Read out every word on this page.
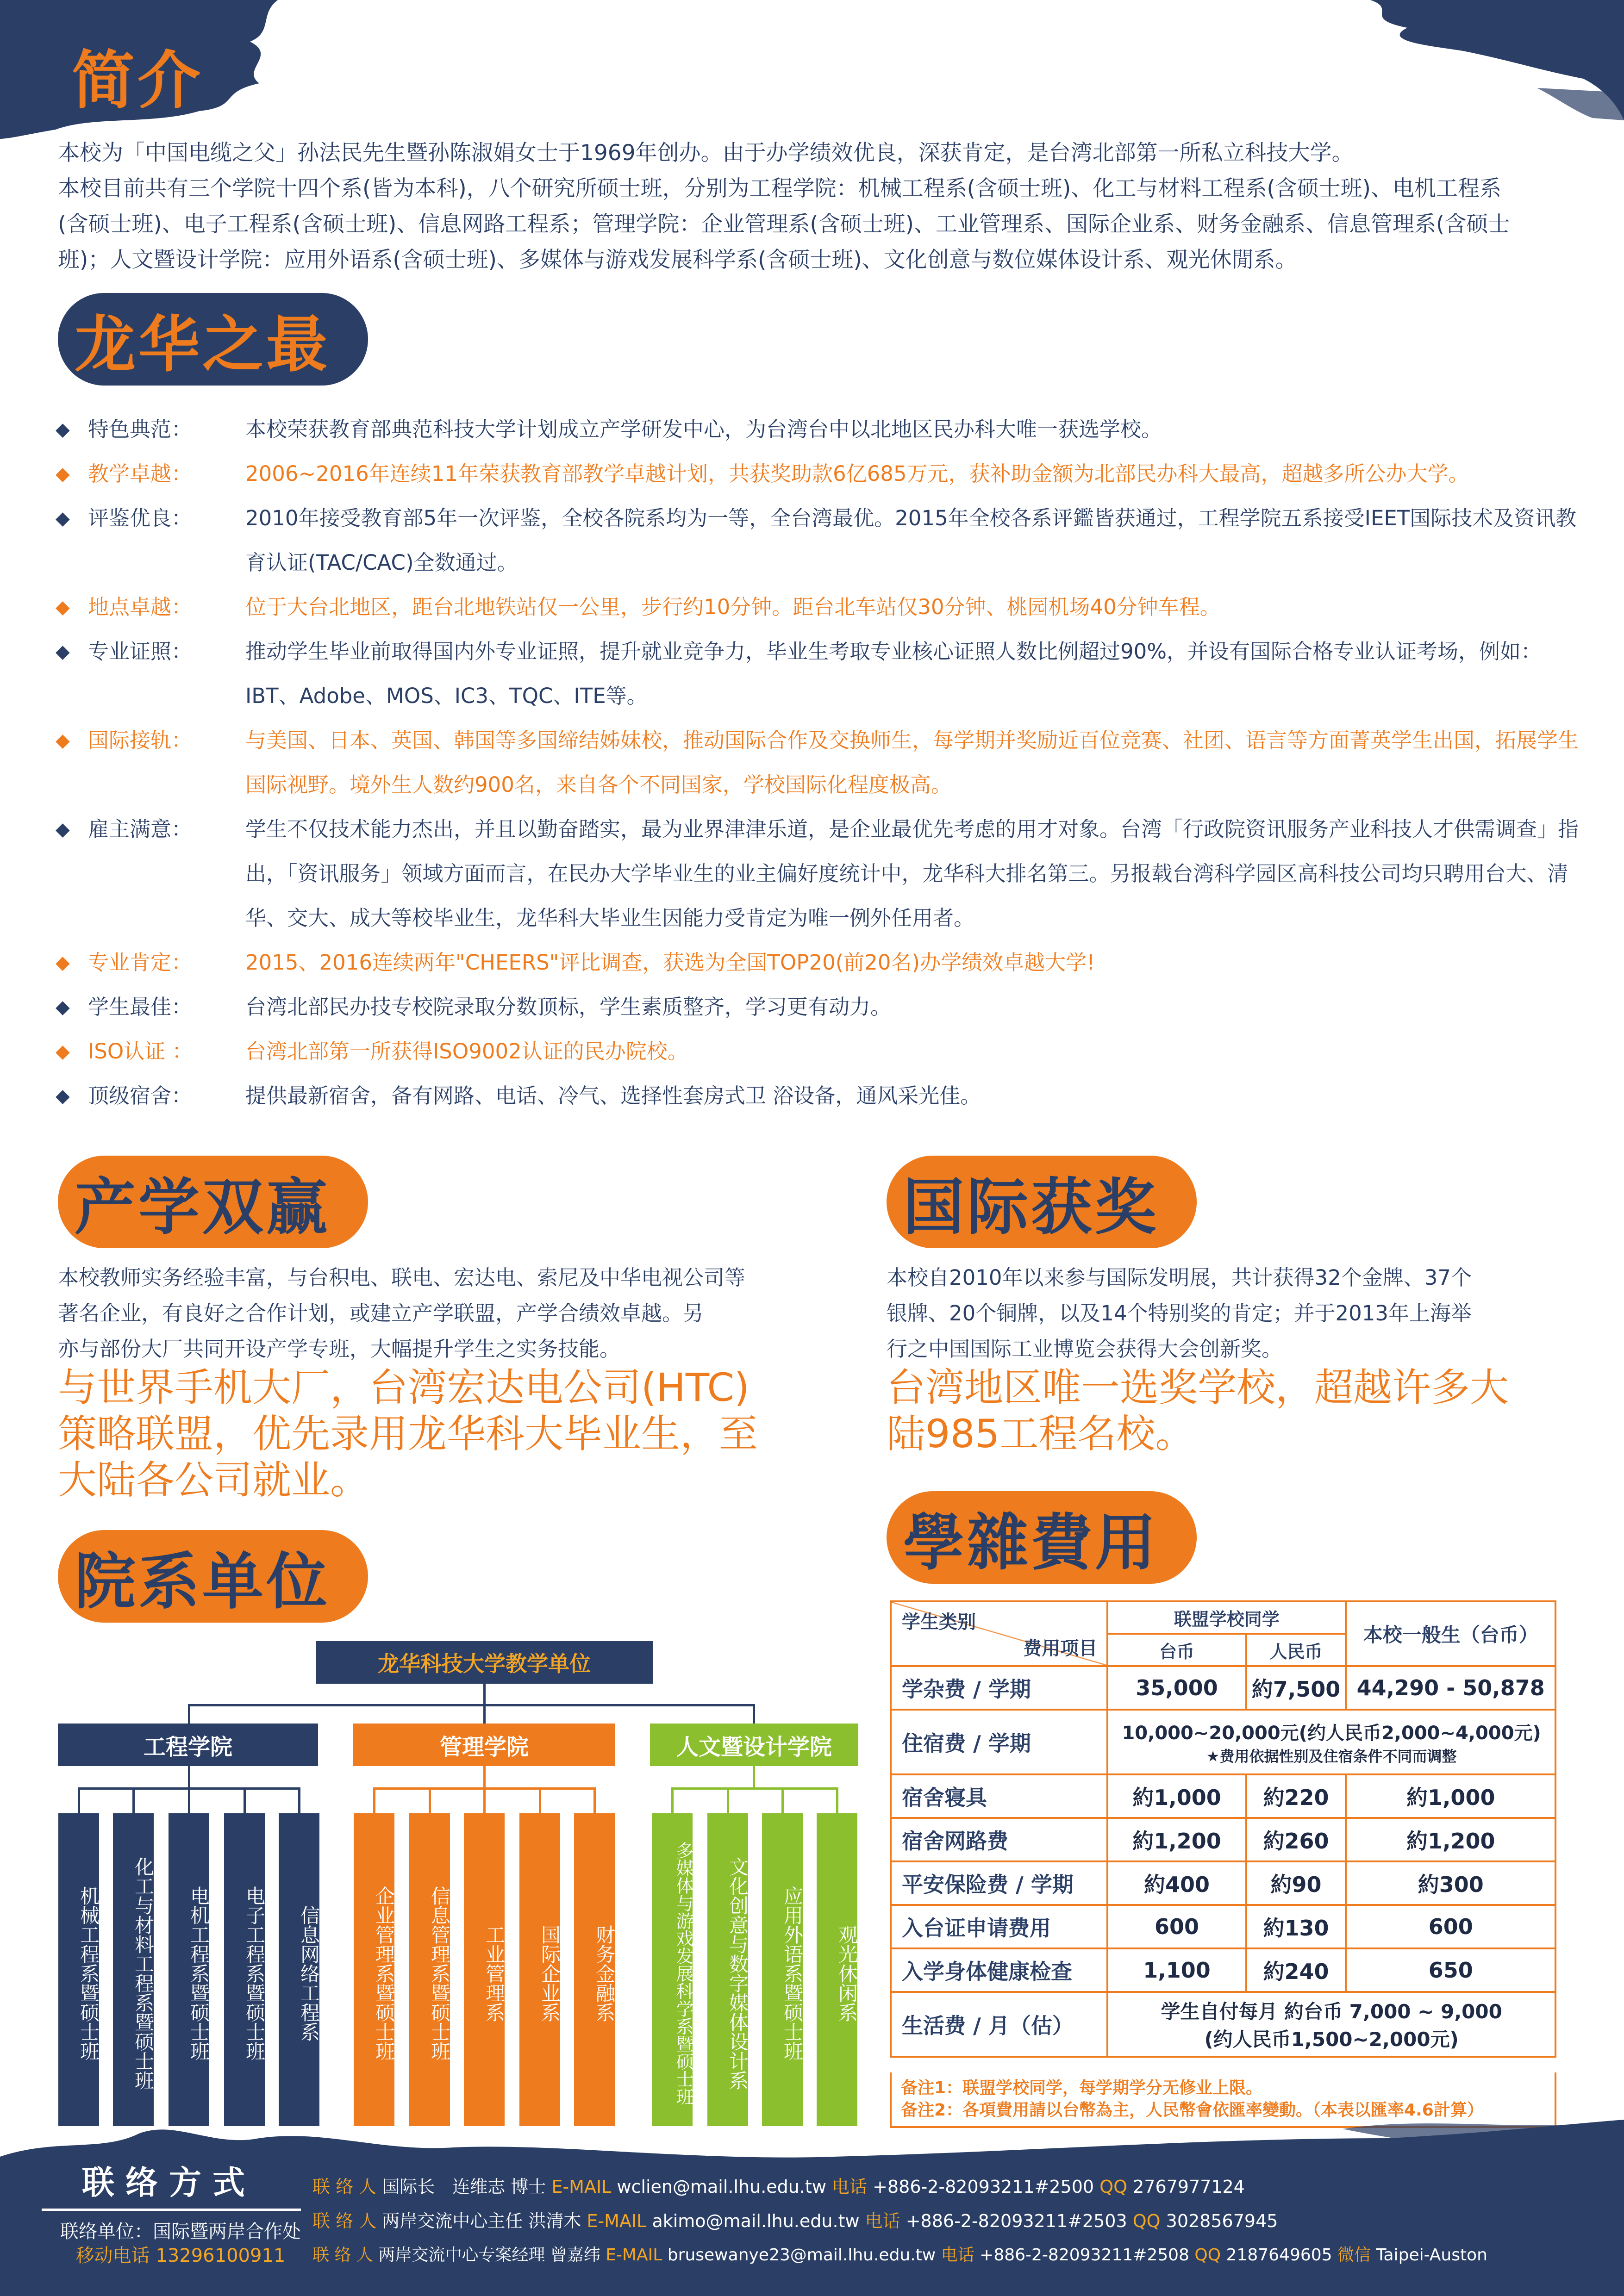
简介
本校为「中国电缆之父」孙法民先生暨孙陈淑娟女士于1969年创办。由于办学绩效优良，深获肯定，是台湾北部第一所私立科技大学。
本校目前共有三个学院十四个系(皆为本科)，八个研究所硕士班，分别为工程学院：机械工程系(含硕士班)、化工与材料工程系(含硕士班)、电机工程系
(含硕士班)、电子工程系(含硕士班)、信息网路工程系；管理学院：企业管理系(含硕士班)、工业管理系、国际企业系、财务金融系、信息管理系(含硕士
班)；人文暨设计学院：应用外语系(含硕士班)、多媒体与游戏发展科学系(含硕士班)、文化创意与数位媒体设计系、观光休閒系。
龙华之最
◆ 特色典范：	本校荣获教育部典范科技大学计划成立产学研发中心，为台湾台中以北地区民办科大唯一获选学校。
◆ 教学卓越：	2006~2016年连续11年荣获教育部教学卓越计划，共获奖助款6亿685万元，获补助金额为北部民办科大最高，超越多所公办大学。
◆ 评鉴优良：	2010年接受教育部5年一次评鉴，全校各院系均为一等，全台湾最优。2015年全校各系评鑑皆获通过，工程学院五系接受IEET国际技术及资讯教育认证(TAC/CAC)全数通过。
◆ 地点卓越：	位于大台北地区，距台北地铁站仅一公里，步行约10分钟。距台北车站仅30分钟、桃园机场40分钟车程。
◆ 专业证照：	推动学生毕业前取得国内外专业证照，提升就业竞争力，毕业生考取专业核心证照人数比例超过90%，并设有国际合格专业认证考场，例如：IBT、Adobe、MOS、IC3、TQC、ITE等。
◆ 国际接轨：	与美国、日本、英国、韩国等多国缔结姊妹校，推动国际合作及交换师生，每学期并奖励近百位竞赛、社团、语言等方面菁英学生出国，拓展学生国际视野。境外生人数约900名，来自各个不同国家，学校国际化程度极高。
◆ 雇主满意：	学生不仅技术能力杰出，并且以勤奋踏实，最为业界津津乐道，是企业最优先考虑的用才对象。台湾「行政院资讯服务产业科技人才供需调查」指出，「资讯服务」领域方面而言，在民办大学毕业生的业主偏好度统计中，龙华科大排名第三。另报载台湾科学园区高科技公司均只聘用台大、清华、交大、成大等校毕业生，龙华科大毕业生因能力受肯定为唯一例外任用者。
◆ 专业肯定：	2015、2016连续两年"CHEERS"评比调查，获选为全国TOP20(前20名)办学绩效卓越大学!
◆ 学生最佳：	台湾北部民办技专校院录取分数顶标，学生素质整齐，学习更有动力。
◆ ISO认证 ：	台湾北部第一所获得ISO9002认证的民办院校。
◆ 顶级宿舍：	提供最新宿舍，备有网路、电话、冷气、选择性套房式卫 浴设备，通风采光佳。
产学双赢
本校教师实务经验丰富，与台积电、联电、宏达电、索尼及中华电视公司等
著名企业，有良好之合作计划，或建立产学联盟，产学合绩效卓越。另
亦与部份大厂共同开设产学专班，大幅提升学生之实务技能。
与世界手机大厂，台湾宏达电公司(HTC)
策略联盟，优先录用龙华科大毕业生，至
大陆各公司就业。
国际获奖
本校自2010年以来参与国际发明展，共计获得32个金牌、37个
银牌、20个铜牌，以及14个特别奖的肯定；并于2013年上海举
行之中国国际工业博览会获得大会创新奖。
台湾地区唯一选奖学校，超越许多大
陆985工程名校。
院系单位
龙华科技大学教学单位
工程学院	管理学院	人文暨设计学院
机械工程系暨硕士班	化工与材料工程系暨硕士班	电机工程系暨硕士班	电子工程系暨硕士班	信息网络工程系	企业管理系暨硕士班	信息管理系暨硕士班	工业管理系	国际企业系	财务金融系	多媒体与游戏发展科学系暨硕士班	文化创意与数字媒体设计系	应用外语系暨硕士班	观光休闲系
學雜費用
学生类别
费用项目	联盟学校同学		本校一般生（台币）
	台币	人民币	
学杂费 / 学期	35,000	約7,500	44,290 - 50,878
住宿费 / 学期	10,000~20,000元(约人民币2,000~4,000元)
★费用依据性别及住宿条件不同而调整		

宿舍寝具	約1,000	約220	約1,000
宿舍网路费	約1,200	約260	約1,200
平安保险费 / 学期	約400	約90	約300
入台证申请费用	600	約130	600
入学身体健康检查	1,100	約240	650
生活费 / 月（估）	学生自付每月 約台币 7,000 ~ 9,000
(约人民币1,500~2,000元)		
备注1：联盟学校同学，每学期学分无修业上限。
备注2：各項費用請以台幣為主，人民幣會依匯率變動。（本表以匯率4.6計算）
联络方式
联络单位：国际暨两岸合作处
移动电话 13296100911
联 络 人 国际长　连维志 博士 E-MAIL wclien@mail.lhu.edu.tw 电话 +886-2-82093211#2500 QQ 2767977124
联 络 人 两岸交流中心主任 洪清木 E-MAIL akimo@mail.lhu.edu.tw 电话 +886-2-82093211#2503 QQ 3028567945
联 络 人 两岸交流中心专案经理 曾嘉纬 E-MAIL brusewanye23@mail.lhu.edu.tw 电话 +886-2-82093211#2508 QQ 2187649605 微信 Taipei-Auston
